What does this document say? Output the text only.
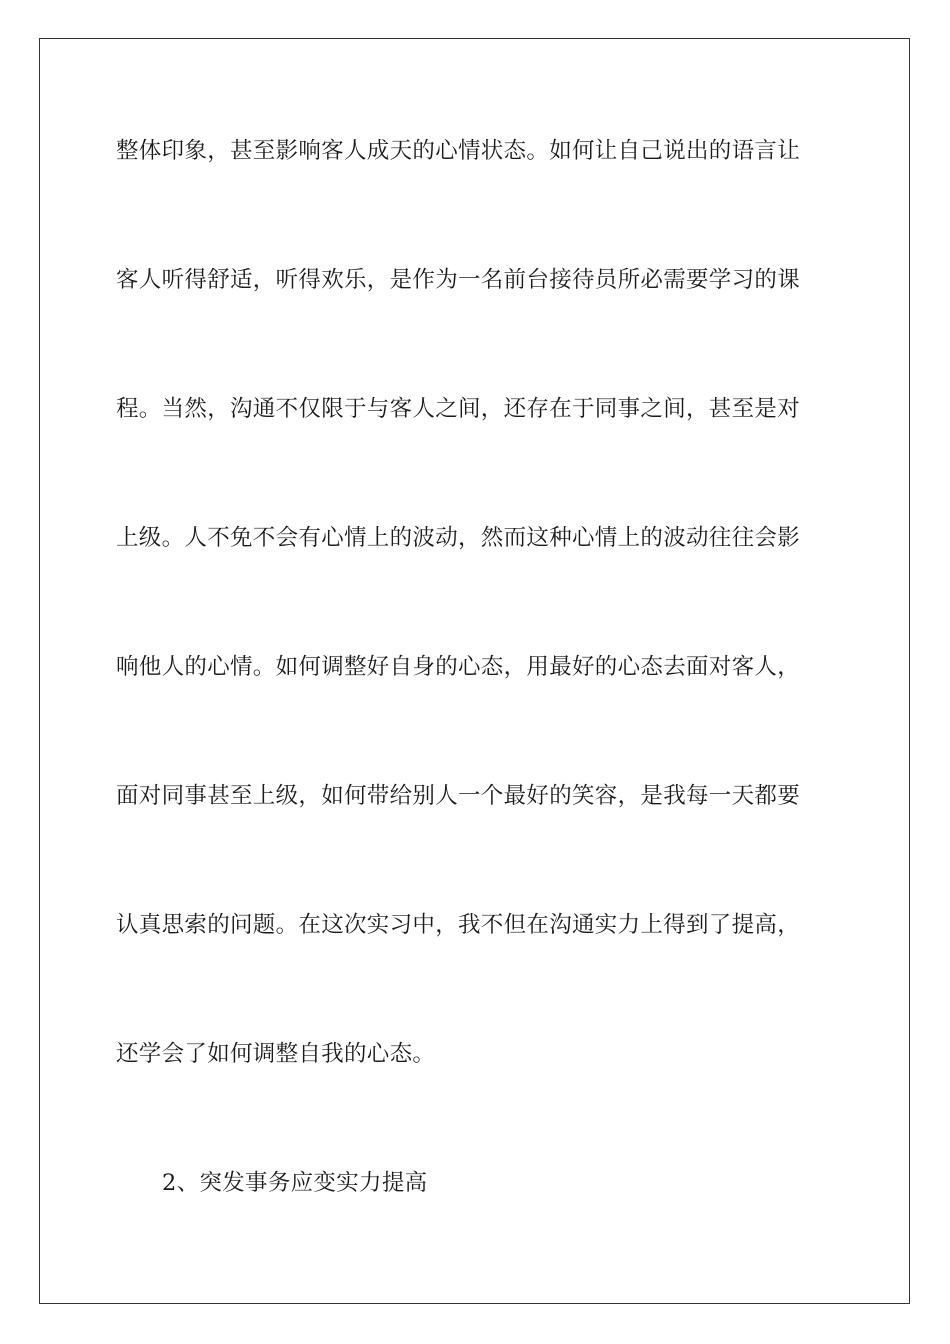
整体印象，甚至影响客人成天的心情状态。如何让自己说出的语言让
客人听得舒适，听得欢乐，是作为一名前台接待员所必需要学习的课
程。当然，沟通不仅限于与客人之间，还存在于同事之间，甚至是对
上级。人不免不会有心情上的波动，然而这种心情上的波动往往会影
响他人的心情。如何调整好自身的心态，用最好的心态去面对客人，
面对同事甚至上级，如何带给别人一个最好的笑容，是我每一天都要
认真思索的问题。在这次实习中，我不但在沟通实力上得到了提高，
还学会了如何调整自我的心态。
2、突发事务应变实力提高
